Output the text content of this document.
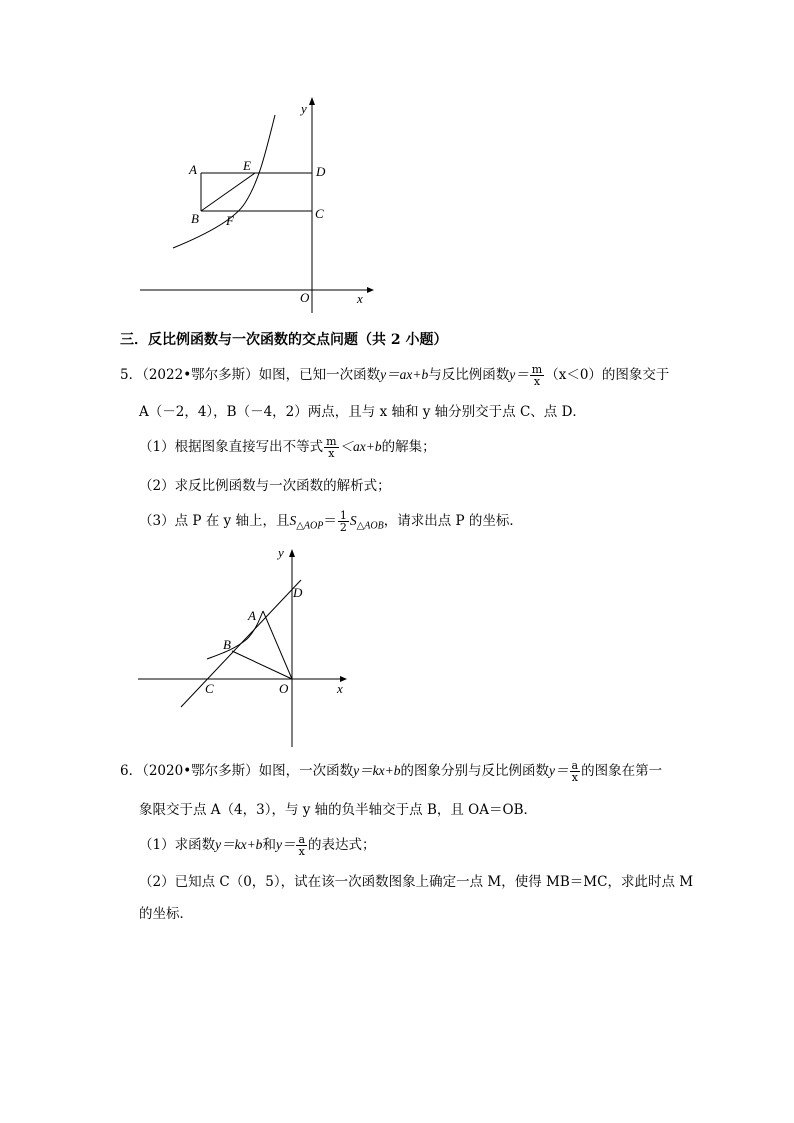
A	E	D
B F	C
O	x
y
三．反比例函数与一次函数的交点问题（共 2 小题）
5．（2022•鄂尔多斯）如图，已知一次函数y＝ax+b与反比例函数$y= \frac{m}{x} (x<0)$的图象交于
A（－2，4），B（－4，2）两点，且与 x 轴和 y 轴分别交于点 C、点 D．
（1）根据图象直接写出不等式 $\frac{m}{x} <ax+b$的解集；
（2）求反比例函数与一次函数的解析式；
（3）点 P 在 y 轴上，且$S_{\triangle AOP}= \frac{1}{2} S_{\triangle AOB}$，请求出点 P 的坐标．
y
D
A
B
C	O	x
6．（2020•鄂尔多斯）如图，一次函数y＝kx+b的图象分别与反比例函数$y= \frac{a}{x}$ 的图象在第一
象限交于点 A（4，3），与 y 轴的负半轴交于点 B，且 OA＝OB．
（1）求函数y＝kx+b和$y= \frac{a}{x}$ 的表达式；
（2）已知点 C（0，5），试在该一次函数图象上确定一点 M，使得 MB＝MC，求此时点 M
的坐标．
